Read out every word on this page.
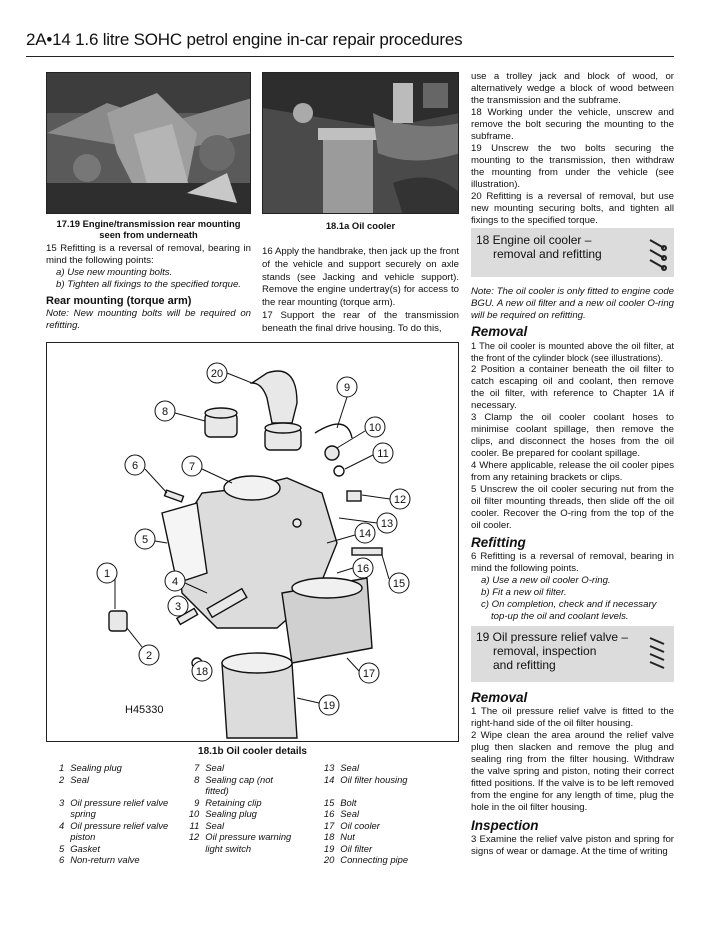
2A•14 1.6 litre SOHC petrol engine in-car repair procedures
17.19 Engine/transmission rear mounting
seen from underneath
18.1a Oil cooler

15 Refitting is a reversal of removal, bearing in mind the following points:

a) Use new mounting bolts.

b) Tighten all fixings to the specified torque.

Rear mounting (torque arm)

Note: New mounting bolts will be required on refitting.

16 Apply the handbrake, then jack up the front of the vehicle and support securely on axle stands (see Jacking and vehicle support). Remove the engine undertray(s) for access to the rear mounting (torque arm).

17 Support the rear of the transmission beneath the final drive housing. To do this,

use a trolley jack and block of wood, or alternatively wedge a block of wood between the transmission and the subframe.

18 Working under the vehicle, unscrew and remove the bolt securing the mounting to the subframe.

19 Unscrew the two bolts securing the mounting to the transmission, then withdraw the mounting from under the vehicle (see illustration).

20 Refitting is a reversal of removal, but use new mounting securing bolts, and tighten all fixings to the specified torque.

18 Engine oil cooler –
removal and refitting

Note: The oil cooler is only fitted to engine code BGU. A new oil filter and a new oil cooler O-ring will be required on refitting.

Removal

1 The oil cooler is mounted above the oil filter, at the front of the cylinder block (see illustrations).

2 Position a container beneath the oil filter to catch escaping oil and coolant, then remove the oil filter, with reference to Chapter 1A if necessary.

3 Clamp the oil cooler coolant hoses to minimise coolant spillage, then remove the clips, and disconnect the hoses from the oil cooler. Be prepared for coolant spillage.

4 Where applicable, release the oil cooler pipes from any retaining brackets or clips.

5 Unscrew the oil cooler securing nut from the oil filter mounting threads, then slide off the oil cooler. Recover the O-ring from the top of the oil cooler.

Refitting

6 Refitting is a reversal of removal, bearing in mind the following points.

a) Use a new oil cooler O-ring.

b) Fit a new oil filter.

c) On completion, check and if necessary

top-up the oil and coolant levels.

19 Oil pressure relief valve –
removal, inspection
and refitting
Removal

1 The oil pressure relief valve is fitted to the right-hand side of the oil filter housing.

2 Wipe clean the area around the relief valve plug then slacken and remove the plug and sealing ring from the filter housing. Withdraw the valve spring and piston, noting their correct fitted positions. If the valve is to be left removed from the engine for any length of time, plug the hole in the oil filter housing.

Inspection

3 Examine the relief valve piston and spring for signs of wear or damage. At the time of writing

1
2
3
4
5
6	7
8
9
10
11
12
13
14
15
16
17
18
19
20
H45330
18.1b Oil cooler details
1	Sealing plug	7	Seal	13	Seal
2	Seal	8	Sealing cap (not	14	Oil filter housing
			fitted)		
3	Oil pressure relief valve	9	Retaining clip	15	Bolt
	spring	10	Sealing plug	16	Seal
4	Oil pressure relief valve	11	Seal	17	Oil cooler
	piston	12	Oil pressure warning	18	Nut
5	Gasket		light switch	19	Oil filter
6	Non-return valve			20	Connecting pipe
